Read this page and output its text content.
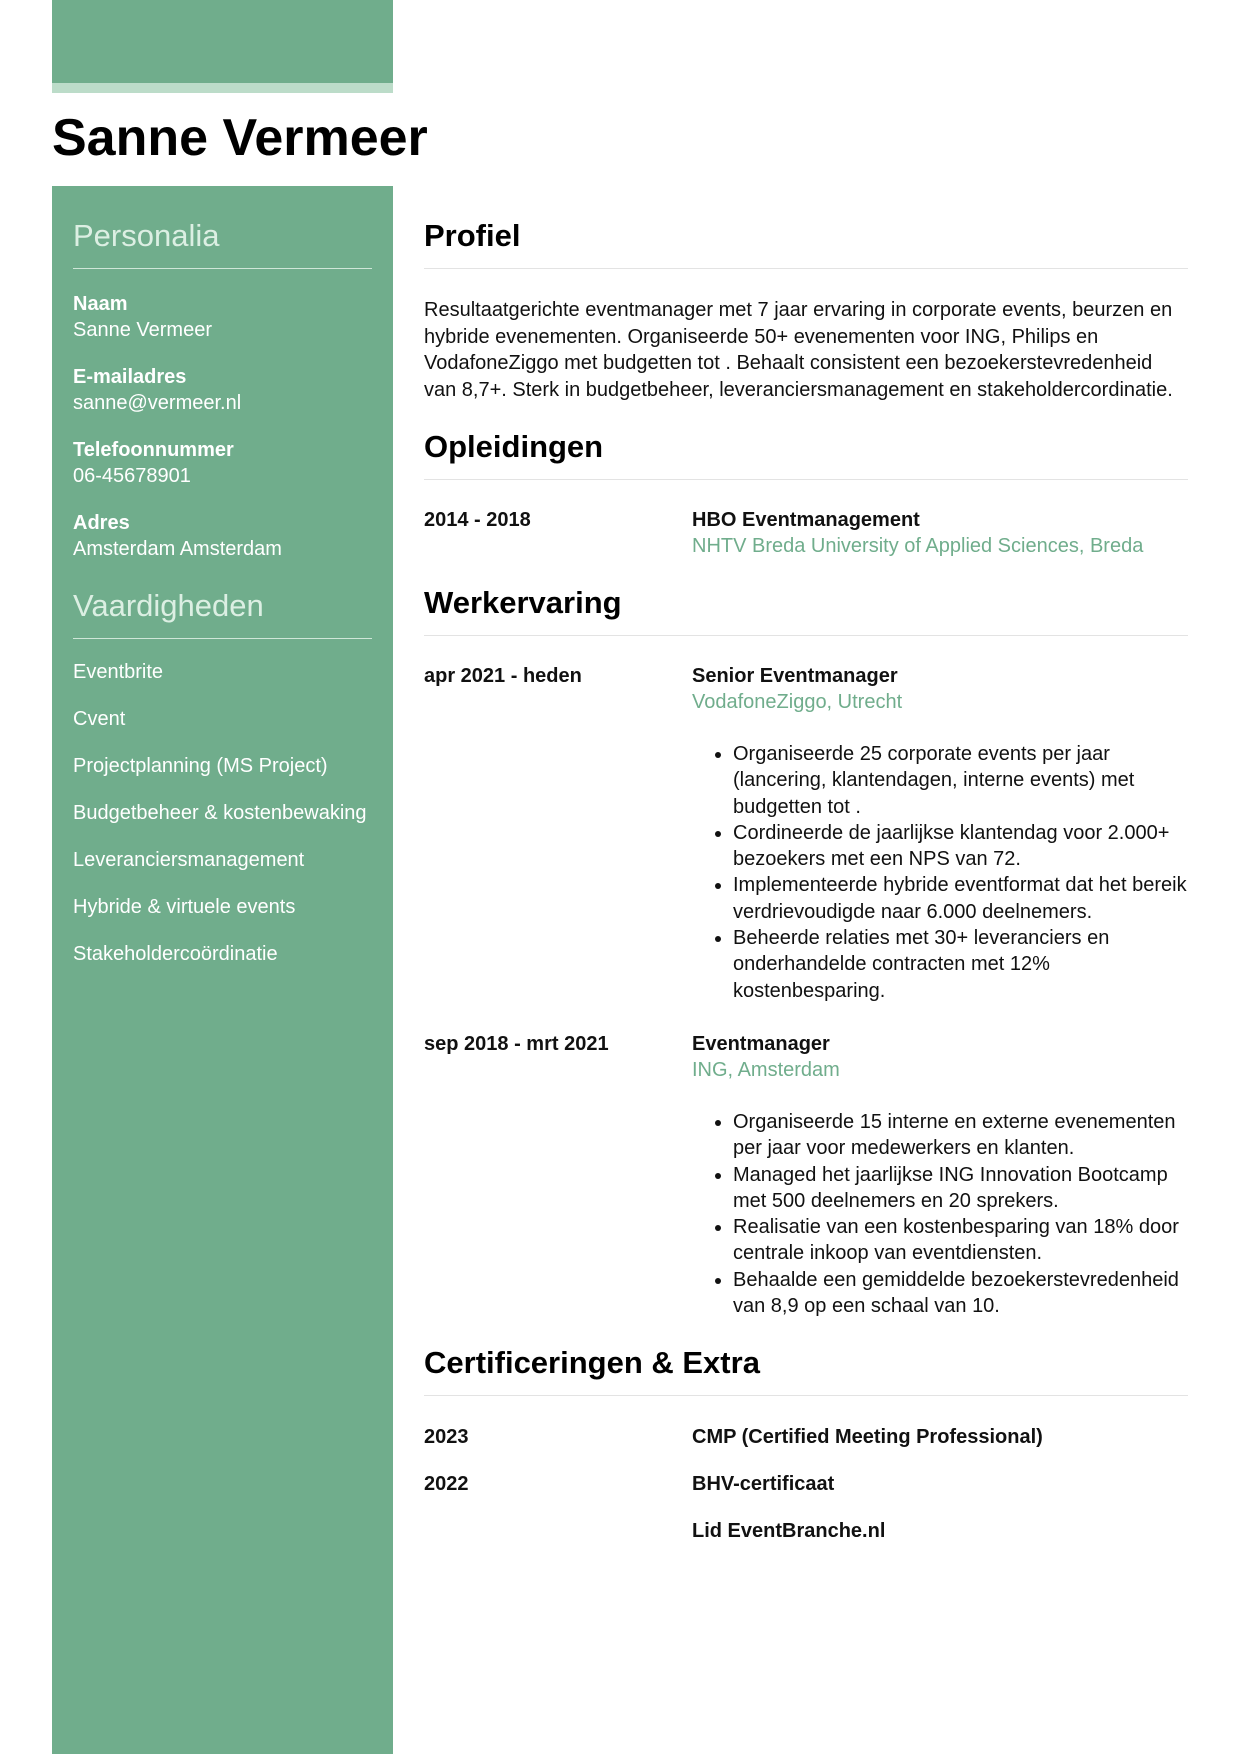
Sanne Vermeer
Personalia
Naam
Sanne Vermeer
E-mailadres
sanne@vermeer.nl
Telefoonnummer
06-45678901
Adres
Amsterdam Amsterdam
Vaardigheden
Eventbrite
Cvent
Projectplanning (MS Project)
Budgetbeheer & kostenbewaking
Leveranciersmanagement
Hybride & virtuele events
Stakeholdercoördinatie
Profiel

Resultaatgerichte eventmanager met 7 jaar ervaring in corporate events, beurzen en hybride evenementen. Organiseerde 50+ evenementen voor ING, Philips en VodafoneZiggo met budgetten tot . Behaalt consistent een bezoekerstevredenheid van 8,7+. Sterk in budgetbeheer, leveranciersmanagement en stakeholdercordinatie.

Opleidingen
2014 - 2018	HBO Eventmanagement
NHTV Breda University of Applied Sciences, Breda
Werkervaring
apr 2021 - heden	Senior Eventmanager
VodafoneZiggo, Utrecht
• Organiseerde 25 corporate events per jaar (lancering, klantendagen, interne events) met budgetten tot .
• Cordineerde de jaarlijkse klantendag voor 2.000+ bezoekers met een NPS van 72.
• Implementeerde hybride eventformat dat het bereik verdrievoudigde naar 6.000 deelnemers.
• Beheerde relaties met 30+ leveranciers en onderhandelde contracten met 12% kostenbesparing.
sep 2018 - mrt 2021	Eventmanager
ING, Amsterdam
• Organiseerde 15 interne en externe evenementen per jaar voor medewerkers en klanten.
• Managed het jaarlijkse ING Innovation Bootcamp met 500 deelnemers en 20 sprekers.
• Realisatie van een kostenbesparing van 18% door centrale inkoop van eventdiensten.
• Behaalde een gemiddelde bezoekerstevredenheid van 8,9 op een schaal van 10.
Certificeringen & Extra
2023	CMP (Certified Meeting Professional)
2022	BHV-certificaat
Lid EventBranche.nl
